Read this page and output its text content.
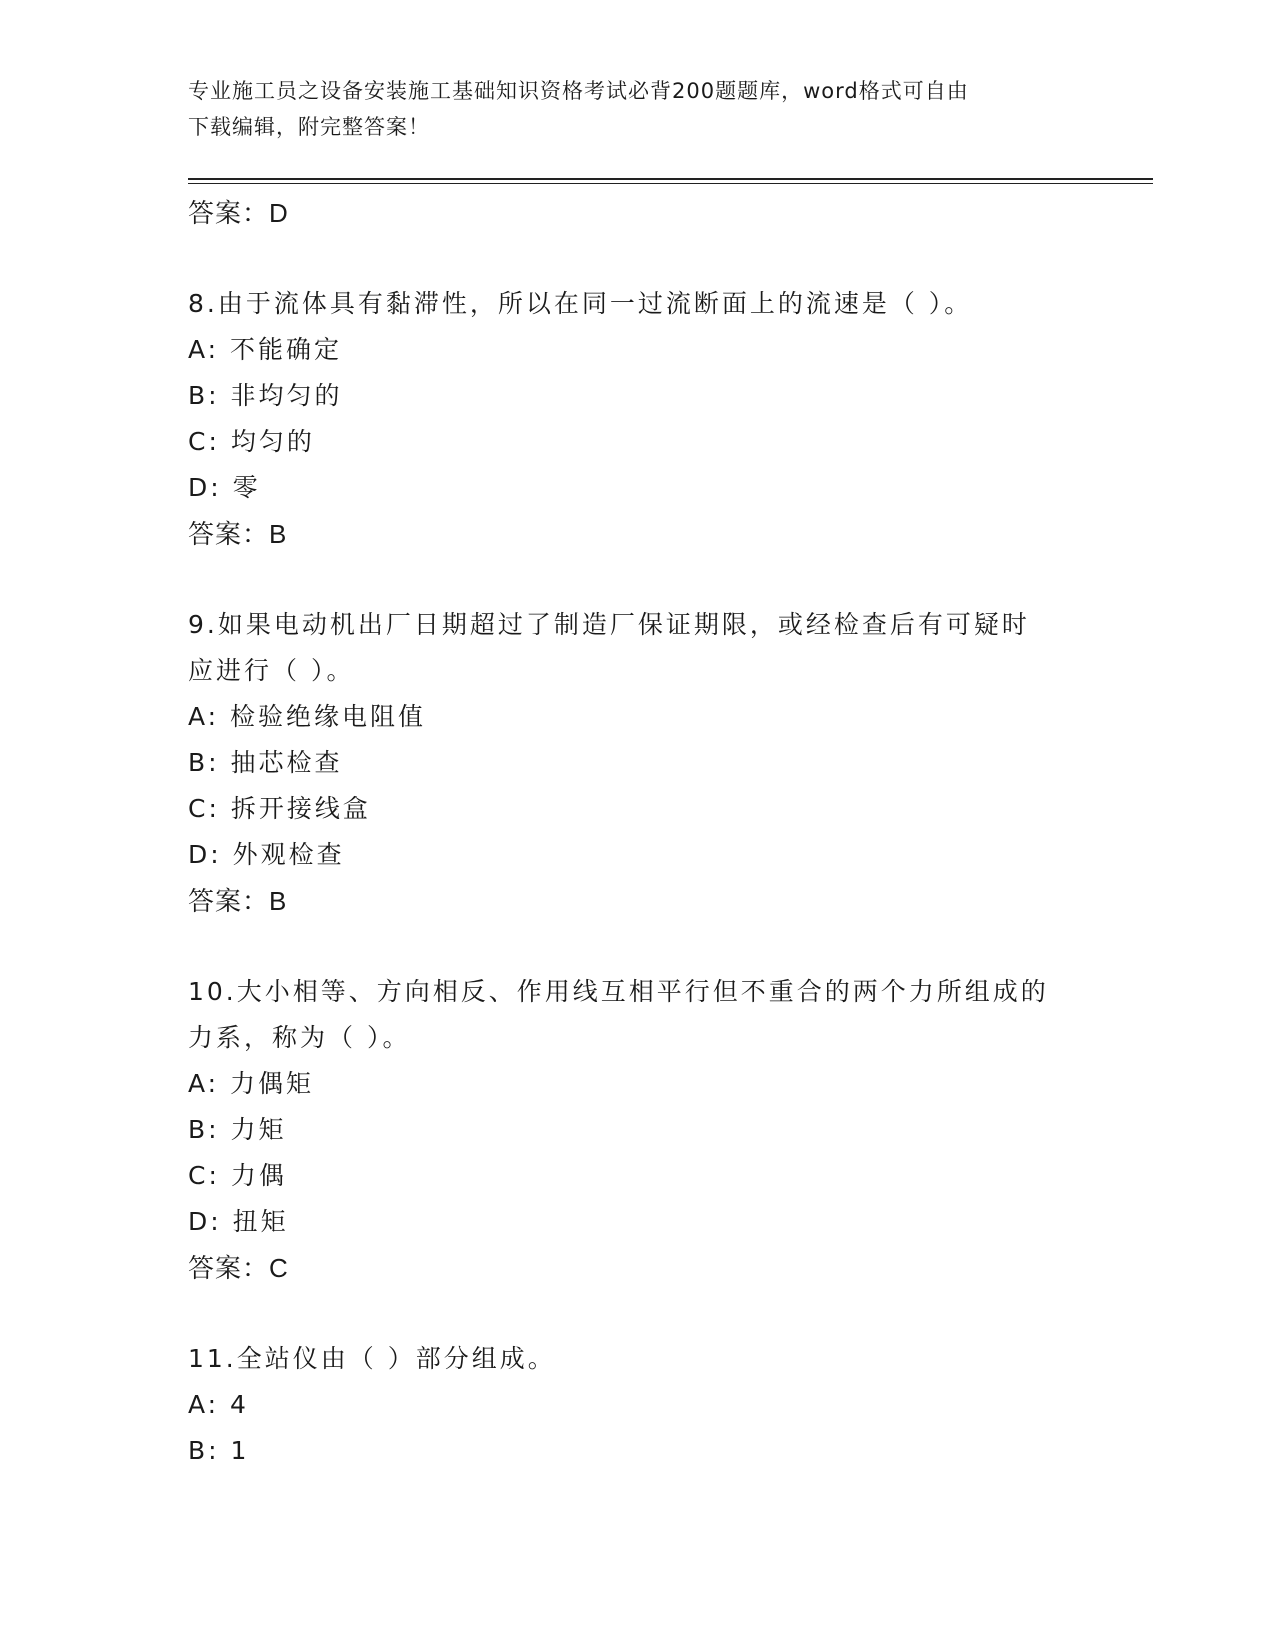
专业施工员之设备安装施工基础知识资格考试必背200题题库，word格式可自由
下载编辑，附完整答案！
答案：D
8.由于流体具有黏滞性，所以在同一过流断面上的流速是（ ）。
A: 不能确定
B: 非均匀的
C: 均匀的
D: 零
答案：B
9.如果电动机出厂日期超过了制造厂保证期限，或经检查后有可疑时
应进行（ ）。
A: 检验绝缘电阻值
B: 抽芯检查
C: 拆开接线盒
D: 外观检查
答案：B
10.大小相等、方向相反、作用线互相平行但不重合的两个力所组成的
力系，称为（ ）。
A: 力偶矩
B: 力矩
C: 力偶
D: 扭矩
答案：C
11.全站仪由（ ）部分组成。
A: 4
B: 1
